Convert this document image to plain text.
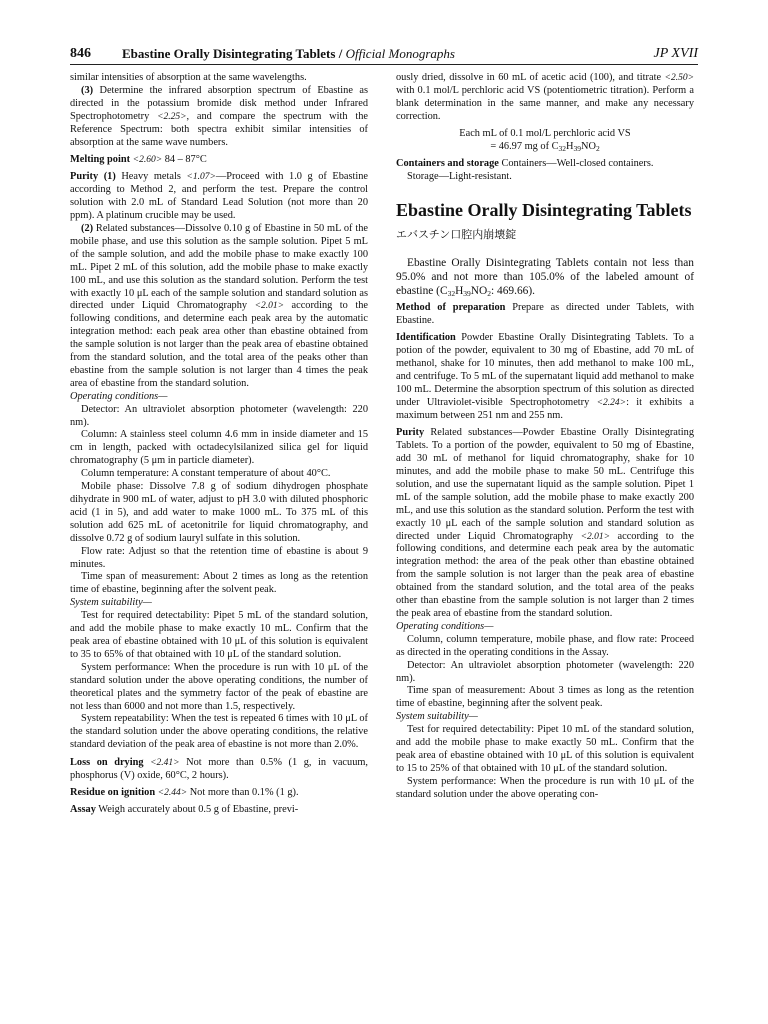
846 Ebastine Orally Disintegrating Tablets / Official Monographs	JP XVII

similar intensities of absorption at the same wavelengths.

(3) Determine the infrared absorption spectrum of Ebastine as directed in the potassium bromide disk method under Infrared Spectrophotometry <2.25>, and compare the spectrum with the Reference Spectrum: both spectra exhibit similar intensities of absorption at the same wave numbers.

Melting point <2.60> 84 – 87°C

Purity (1) Heavy metals <1.07>—Proceed with 1.0 g of Ebastine according to Method 2, and perform the test. Prepare the control solution with 2.0 mL of Standard Lead Solution (not more than 20 ppm). A platinum crucible may be used.

(2) Related substances—Dissolve 0.10 g of Ebastine in 50 mL of the mobile phase, and use this solution as the sample solution. Pipet 5 mL of the sample solution, and add the mobile phase to make exactly 100 mL. Pipet 2 mL of this solution, add the mobile phase to make exactly 100 mL, and use this solution as the standard solution. Perform the test with exactly 10 μL each of the sample solution and standard solution as directed under Liquid Chromatography <2.01> according to the following conditions, and determine each peak area by the automatic integration method: each peak area other than ebastine obtained from the sample solution is not larger than the peak area of ebastine obtained from the standard solution, and the total area of the peaks other than ebastine from the sample solution is not larger than 4 times the peak area of ebastine from the standard solution.

Operating conditions—

Detector: An ultraviolet absorption photometer (wavelength: 220 nm).

Column: A stainless steel column 4.6 mm in inside diameter and 15 cm in length, packed with octadecylsilanized silica gel for liquid chromatography (5 μm in particle diameter).

Column temperature: A constant temperature of about 40°C.

Mobile phase: Dissolve 7.8 g of sodium dihydrogen phosphate dihydrate in 900 mL of water, adjust to pH 3.0 with diluted phosphoric acid (1 in 5), and add water to make 1000 mL. To 375 mL of this solution add 625 mL of acetonitrile for liquid chromatography, and dissolve 0.72 g of sodium lauryl sulfate in this solution.

Flow rate: Adjust so that the retention time of ebastine is about 9 minutes.

Time span of measurement: About 2 times as long as the retention time of ebastine, beginning after the solvent peak.

System suitability—

Test for required detectability: Pipet 5 mL of the standard solution, and add the mobile phase to make exactly 10 mL. Confirm that the peak area of ebastine obtained with 10 μL of this solution is equivalent to 35 to 65% of that obtained with 10 μL of the standard solution.

System performance: When the procedure is run with 10 μL of the standard solution under the above operating conditions, the number of theoretical plates and the symmetry factor of the peak of ebastine are not less than 6000 and not more than 1.5, respectively.

System repeatability: When the test is repeated 6 times with 10 μL of the standard solution under the above operating conditions, the relative standard deviation of the peak area of ebastine is not more than 2.0%.

Loss on drying <2.41> Not more than 0.5% (1 g, in vacuum, phosphorus (V) oxide, 60°C, 2 hours).

Residue on ignition <2.44> Not more than 0.1% (1 g).

Assay Weigh accurately about 0.5 g of Ebastine, previ-

ously dried, dissolve in 60 mL of acetic acid (100), and titrate <2.50> with 0.1 mol/L perchloric acid VS (potentiometric titration). Perform a blank determination in the same manner, and make any necessary correction.

Each mL of 0.1 mol/L perchloric acid VS
= 46.97 mg of $C_{32}H_{39}NO_2$

Containers and storage Containers—Well-closed containers.

Storage—Light-resistant.

Ebastine Orally Disintegrating Tablets

エバスチン口腔内崩壊錠

Ebastine Orally Disintegrating Tablets contain not less than 95.0% and not more than 105.0% of the labeled amount of ebastine ($C_{32}H_{39}NO_2$: 469.66).

Method of preparation Prepare as directed under Tablets, with Ebastine.

Identification Powder Ebastine Orally Disintegrating Tablets. To a potion of the powder, equivalent to 30 mg of Ebastine, add 70 mL of methanol, shake for 10 minutes, then add methanol to make 100 mL, and centrifuge. To 5 mL of the supernatant liquid add methanol to make 100 mL. Determine the absorption spectrum of this solution as directed under Ultraviolet-visible Spectrophotometry <2.24>: it exhibits a maximum between 251 nm and 255 nm.

Purity Related substances—Powder Ebastine Orally Disintegrating Tablets. To a portion of the powder, equivalent to 50 mg of Ebastine, add 30 mL of methanol for liquid chromatography, shake for 10 minutes, and add the mobile phase to make 50 mL. Centrifuge this solution, and use the supernatant liquid as the sample solution. Pipet 1 mL of the sample solution, add the mobile phase to make exactly 200 mL, and use this solution as the standard solution. Perform the test with exactly 10 μL each of the sample solution and standard solution as directed under Liquid Chromatography <2.01> according to the following conditions, and determine each peak area by the automatic integration method: the area of the peak other than ebastine obtained from the sample solution is not larger than the peak area of ebastine obtained from the standard solution, and the total area of the peaks other than ebastine from the sample solution is not larger than 2 times the peak area of ebastine from the standard solution.

Operating conditions—

Column, column temperature, mobile phase, and flow rate: Proceed as directed in the operating conditions in the Assay.

Detector: An ultraviolet absorption photometer (wavelength: 220 nm).

Time span of measurement: About 3 times as long as the retention time of ebastine, beginning after the solvent peak.

System suitability—

Test for required detectability: Pipet 10 mL of the standard solution, and add the mobile phase to make exactly 50 mL. Confirm that the peak area of ebastine obtained with 10 μL of this solution is equivalent to 15 to 25% of that obtained with 10 μL of the standard solution.

System performance: When the procedure is run with 10 μL of the standard solution under the above operating con-
